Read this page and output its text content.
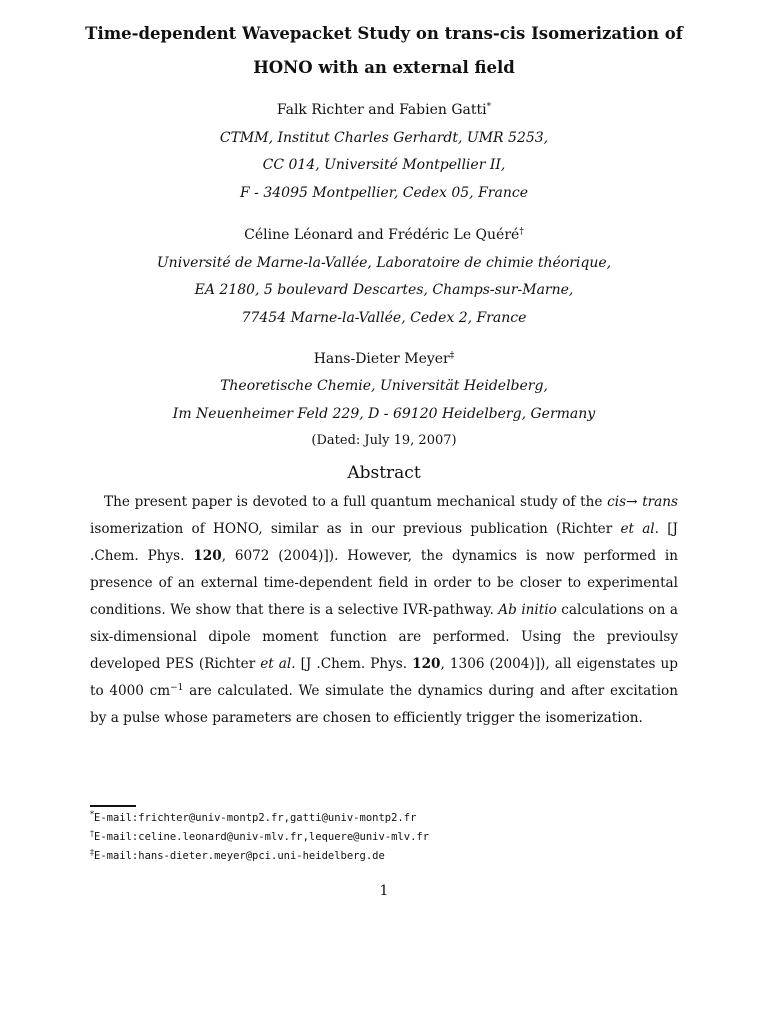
Time-dependent Wavepacket Study on trans-cis Isomerization of
HONO with an external field
Falk Richter and Fabien Gatti*
CTMM, Institut Charles Gerhardt, UMR 5253,
CC 014, Université Montpellier II,
F - 34095 Montpellier, Cedex 05, France
Céline Léonard and Frédéric Le Quéré†
Université de Marne-la-Vallée, Laboratoire de chimie théorique,
EA 2180, 5 boulevard Descartes, Champs-sur-Marne,
77454 Marne-la-Vallée, Cedex 2, France
Hans-Dieter Meyer‡
Theoretische Chemie, Universität Heidelberg,
Im Neuenheimer Feld 229, D - 69120 Heidelberg, Germany
(Dated: July 19, 2007)
Abstract

The present paper is devoted to a full quantum mechanical study of the cis→ trans isomerization of HONO, similar as in our previous publication (Richter et al. [J .Chem. Phys. 120, 6072 (2004)]). However, the dynamics is now performed in presence of an external time-dependent field in order to be closer to experimental conditions. We show that there is a selective IVR-pathway. Ab initio calculations on a six-dimensional dipole moment function are performed. Using the previoulsy developed PES (Richter et al. [J .Chem. Phys. 120, 1306 (2004)]), all eigenstates up to 4000 $cm^{-1}$ are calculated. We simulate the dynamics during and after excitation by a pulse whose parameters are chosen to efficiently trigger the isomerization.

*E-mail:frichter@univ-montp2.fr,gatti@univ-montp2.fr
†E-mail:celine.leonard@univ-mlv.fr,lequere@univ-mlv.fr
‡E-mail:hans-dieter.meyer@pci.uni-heidelberg.de
1
